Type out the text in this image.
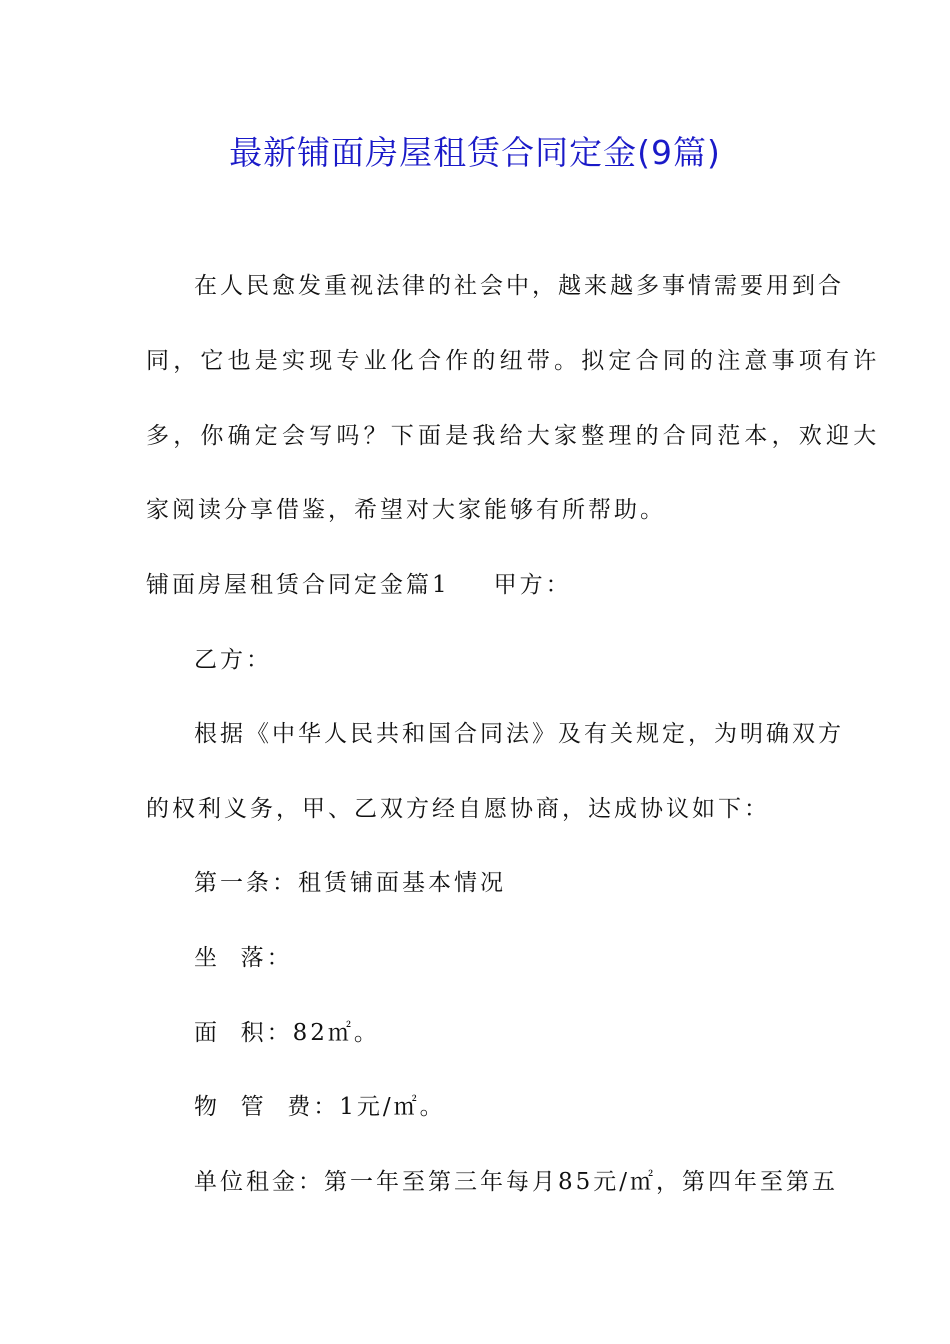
最新铺面房屋租赁合同定金(9篇)
在人民愈发重视法律的社会中，越来越多事情需要用到合
同，它也是实现专业化合作的纽带。拟定合同的注意事项有许
多，你确定会写吗？下面是我给大家整理的合同范本，欢迎大
家阅读分享借鉴，希望对大家能够有所帮助。
铺面房屋租赁合同定金篇1 甲方：
乙方：
根据《中华人民共和国合同法》及有关规定，为明确双方
的权利义务，甲、乙双方经自愿协商，达成协议如下：
第一条：租赁铺面基本情况
坐  落：
面  积：82㎡。
物  管  费：1元/㎡。
单位租金：第一年至第三年每月85元/㎡，第四年至第五
